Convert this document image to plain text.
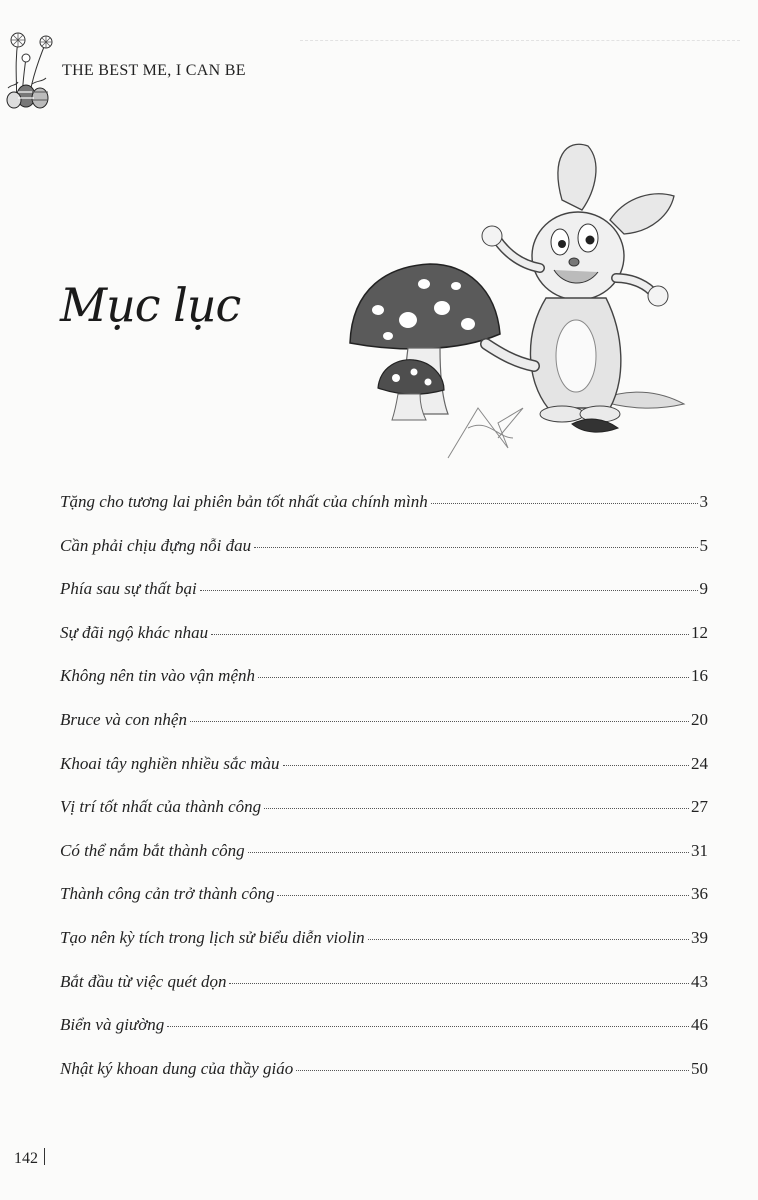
THE BEST ME, I CAN BE
Mục lục
Tặng cho tương lai phiên bản tốt nhất của chính mình	3
Cần phải chịu đựng nỗi đau	5
Phía sau sự thất bại	9
Sự đãi ngộ khác nhau	12
Không nên tin vào vận mệnh	16
Bruce và con nhện	20
Khoai tây nghiền nhiều sắc màu	24
Vị trí tốt nhất của thành công	27
Có thể nắm bắt thành công	31
Thành công cản trở thành công	36
Tạo nên kỳ tích trong lịch sử biểu diễn violin	39
Bắt đầu từ việc quét dọn	43
Biển và giường	46
Nhật ký khoan dung của thầy giáo	50
142
